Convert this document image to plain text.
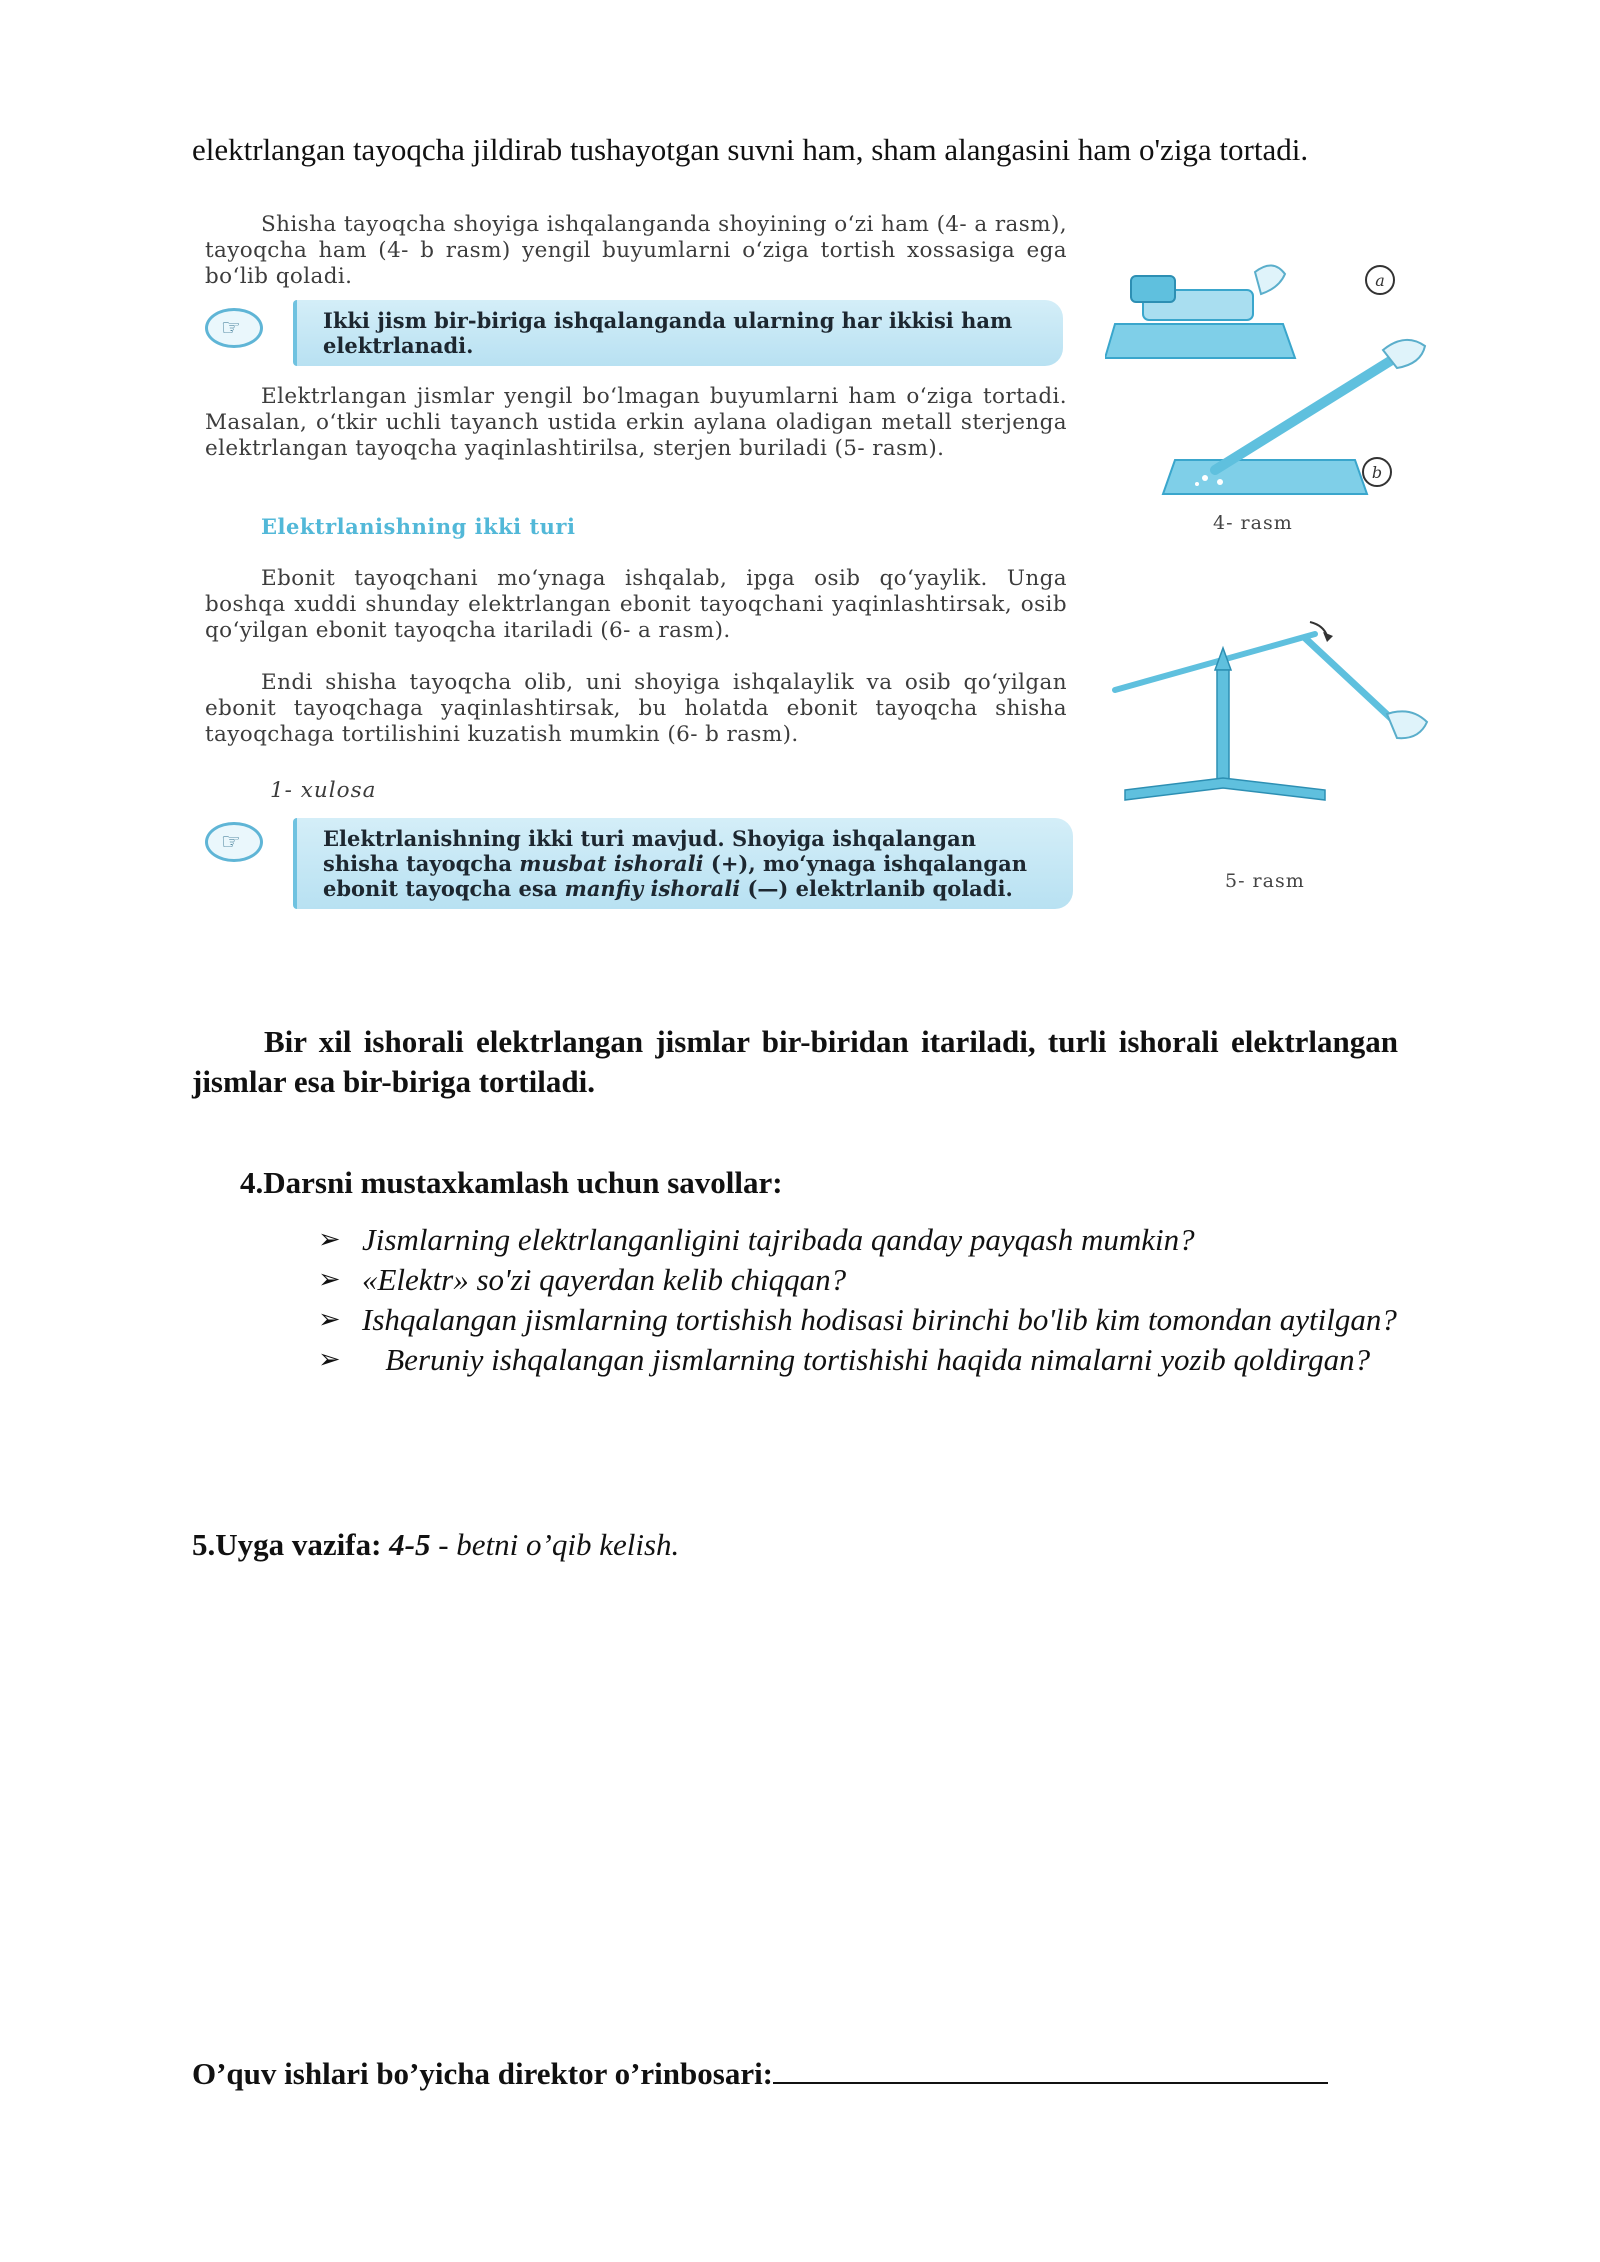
elektrlangan tayoqcha jildirab tushayotgan suvni ham, sham alangasini ham o'ziga tortadi.

Shisha tayoqcha shoyiga ishqalanganda shoyining o‘zi ham (4- a rasm), tayoqcha ham (4- b rasm) yengil buyumlarni o‘ziga tortish xossasiga ega bo‘lib qoladi.

☞	Ikki jism bir-biriga ishqalanganda ularning har ikkisi ham elektrlanadi.

Elektrlangan jismlar yengil bo‘lmagan buyumlarni ham o‘ziga tortadi. Masalan, o‘tkir uchli tayanch ustida erkin aylana oladigan metall sterjenga elektrlangan tayoqcha yaqinlashtirilsa, sterjen buriladi (5- rasm).

Elektrlanishning ikki turi

Ebonit tayoqchani mo‘ynaga ishqalab, ipga osib qo‘yaylik. Unga boshqa xuddi shunday elektrlangan ebonit tayoqchani yaqinlashtirsak, osib qo‘yilgan ebonit tayoqcha itariladi (6- a rasm).

Endi shisha tayoqcha olib, uni shoyiga ishqalaylik va osib qo‘yilgan ebonit tayoqchaga yaqinlashtirsak, bu holatda ebonit tayoqcha shisha tayoqchaga tortilishini kuzatish mumkin (6- b rasm).

1- xulosa
☞	Elektrlanishning ikki turi mavjud. Shoyiga ishqalangan shisha tayoqcha musbat ishorali (+), mo‘ynaga ishqalangan ebonit tayoqcha esa manfiy ishorali (—) elektrlanib qoladi.
a
b
4- rasm
5- rasm

Bir xil ishorali elektrlangan jismlar bir-biridan itariladi, turli ishorali elektrlangan jismlar esa bir-biriga tortiladi.

4.Darsni mustaxkamlash uchun savollar:

➢ Jismlarning elektrlanganligini tajribada qanday payqash mumkin?
➢ «Elektr» so'zi qayerdan kelib chiqqan?
➢ Ishqalangan jismlarning tortishish hodisasi birinchi bo'lib kim tomondan aytilgan?
➢ Beruniy ishqalangan jismlarning tortishishi haqida nimalarni yozib qoldirgan?

5.Uyga vazifa: 4-5 - betni o’qib kelish.

O’quv ishlari bo’yicha direktor o’rinbosari:
